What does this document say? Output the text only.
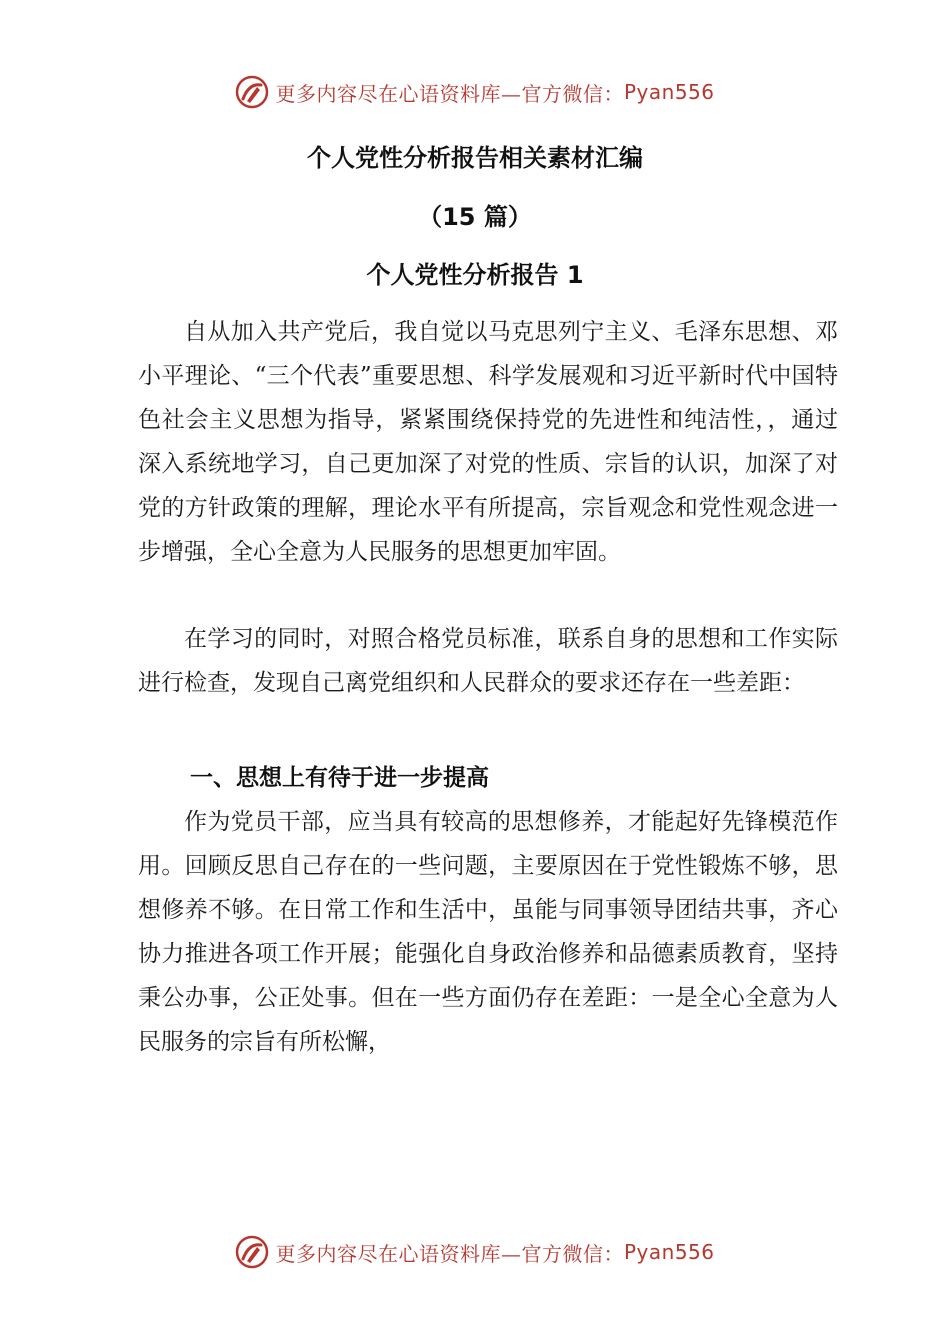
更多内容尽在心语资料库—官方微信： Pyan556
个人党性分析报告相关素材汇编
（15 篇）
个人党性分析报告 1

自从加入共产党后，我自觉以马克思列宁主义、毛泽东思想、邓小平理论、“三个代表”重要思想、科学发展观和习近平新时代中国特色社会主义思想为指导，紧紧围绕保持党的先进性和纯洁性，，通过深入系统地学习，自己更加深了对党的性质、宗旨的认识，加深了对党的方针政策的理解，理论水平有所提高，宗旨观念和党性观念进一步增强，全心全意为人民服务的思想更加牢固。

在学习的同时，对照合格党员标准，联系自身的思想和工作实际进行检查，发现自己离党组织和人民群众的要求还存在一些差距：

一、思想上有待于进一步提高

作为党员干部，应当具有较高的思想修养，才能起好先锋模范作用。回顾反思自己存在的一些问题，主要原因在于党性锻炼不够，思想修养不够。在日常工作和生活中，虽能与同事领导团结共事，齐心协力推进各项工作开展；能强化自身政治修养和品德素质教育，坚持秉公办事，公正处事。但在一些方面仍存在差距：一是全心全意为人民服务的宗旨有所松懈，

更多内容尽在心语资料库—官方微信： Pyan556
